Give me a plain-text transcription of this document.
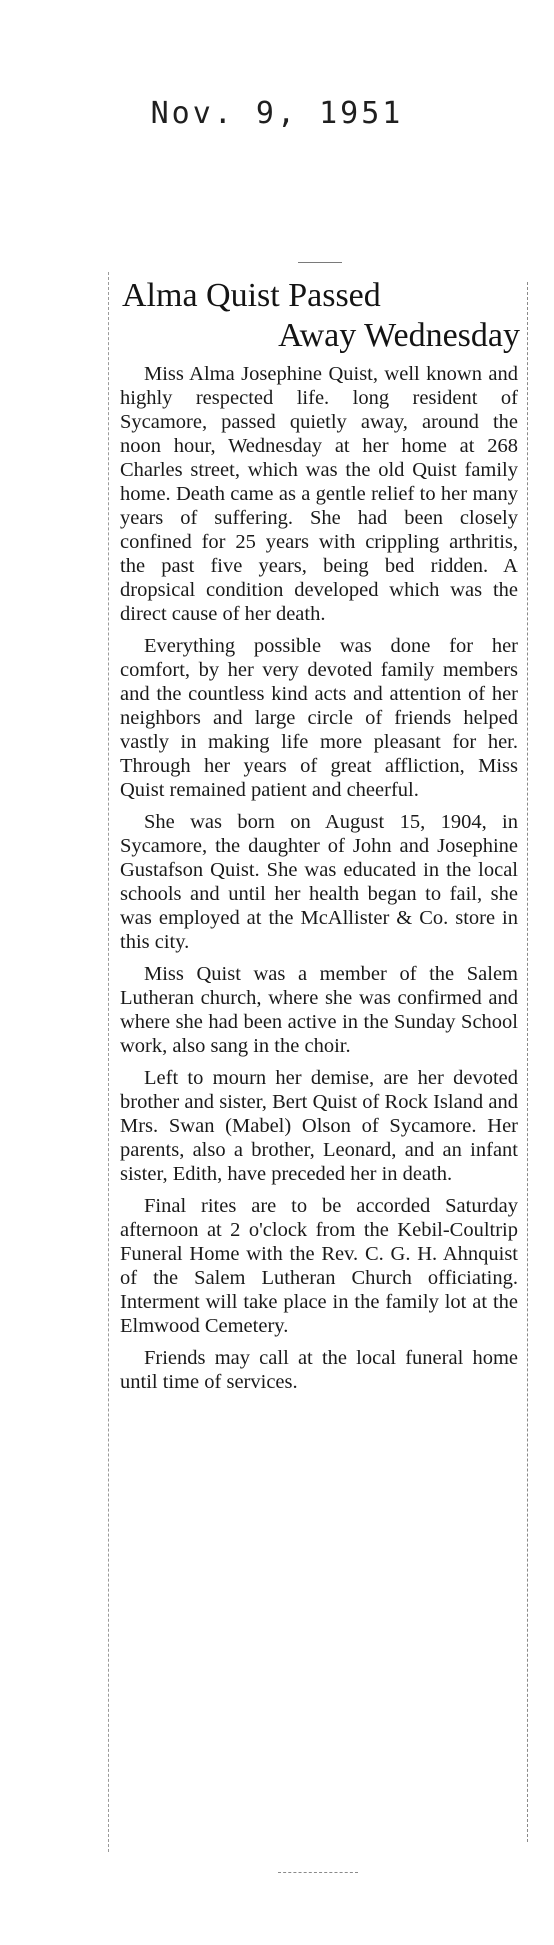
Nov. 9, 1951
Alma Quist Passed
Away Wednesday

Miss Alma Josephine Quist, well known and highly respected life. long resident of Sycamore, passed quietly away, around the noon hour, Wednesday at her home at 268 Charles street, which was the old Quist family home. Death came as a gentle relief to her many years of suffering. She had been closely confined for 25 years with crippling arthritis, the past five years, being bed ridden. A dropsical condition developed which was the direct cause of her death.

Everything possible was done for her comfort, by her very devoted family members and the countless kind acts and attention of her neighbors and large circle of friends helped vastly in making life more pleasant for her. Through her years of great affliction, Miss Quist remained patient and cheerful.

She was born on August 15, 1904, in Sycamore, the daughter of John and Josephine Gustafson Quist. She was educated in the local schools and until her health began to fail, she was employed at the McAllister & Co. store in this city.

Miss Quist was a member of the Salem Lutheran church, where she was confirmed and where she had been active in the Sunday School work, also sang in the choir.

Left to mourn her demise, are her devoted brother and sister, Bert Quist of Rock Island and Mrs. Swan (Mabel) Olson of Sycamore. Her parents, also a brother, Leonard, and an infant sister, Edith, have preceded her in death.

Final rites are to be accorded Saturday afternoon at 2 o'clock from the Kebil-Coultrip Funeral Home with the Rev. C. G. H. Ahnquist of the Salem Lutheran Church officiating. Interment will take place in the family lot at the Elmwood Cemetery.

Friends may call at the local funeral home until time of services.
